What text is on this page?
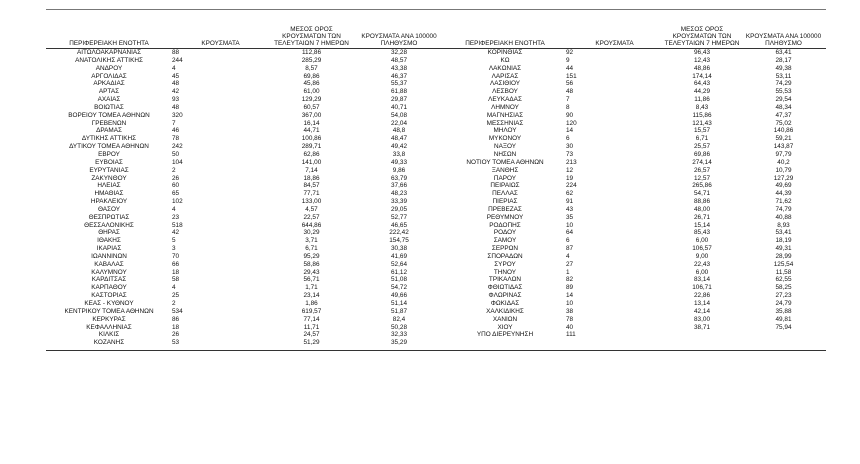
ΠΕΡΙΦΕΡΕΙΑΚΗ ΕΝΟΤΗΤΑ	ΚΡΟΥΣΜΑΤΑ	ΜΕΣΟΣ ΟΡΟΣ ΚΡΟΥΣΜΑΤΩΝ ΤΩΝ ΤΕΛΕΥΤΑΙΩΝ 7 ΗΜΕΡΩΝ	ΚΡΟΥΣΜΑΤΑ ΑΝΑ 100000 ΠΛΗΘΥΣΜΟ	ΠΕΡΙΦΕΡΕΙΑΚΗ ΕΝΟΤΗΤΑ	ΚΡΟΥΣΜΑΤΑ	ΜΕΣΟΣ ΟΡΟΣ ΚΡΟΥΣΜΑΤΩΝ ΤΩΝ ΤΕΛΕΥΤΑΙΩΝ 7 ΗΜΕΡΩΝ	ΚΡΟΥΣΜΑΤΑ ΑΝΑ 100000 ΠΛΗΘΥΣΜΟ
ΑΙΤΩΛΟΑΚΑΡΝΑΝΙΑΣ	88	112,86	32,28	ΚΟΡΙΝΘΙΑΣ	92	96,43	63,41
ΑΝΑΤΟΛΙΚΗΣ ΑΤΤΙΚΗΣ	244	285,29	48,57	ΚΩ	9	12,43	28,17
ΑΝΔΡΟΥ	4	8,57	43,38	ΛΑΚΩΝΙΑΣ	44	48,86	49,38
ΑΡΓΟΛΙΔΑΣ	45	69,86	46,37	ΛΑΡΙΣΑΣ	151	174,14	53,11
ΑΡΚΑΔΙΑΣ	48	45,86	55,37	ΛΑΣΙΘΙΟΥ	56	64,43	74,29
ΑΡΤΑΣ	42	61,00	61,88	ΛΕΣΒΟΥ	48	44,29	55,53
ΑΧΑΪΑΣ	93	129,29	29,87	ΛΕΥΚΑΔΑΣ	7	11,86	29,54
ΒΟΙΩΤΙΑΣ	48	60,57	40,71	ΛΗΜΝΟΥ	8	8,43	48,34
ΒΟΡΕΙΟΥ ΤΟΜΕΑ ΑΘΗΝΩΝ	320	367,00	54,08	ΜΑΓΝΗΣΙΑΣ	90	115,86	47,37
ΓΡΕΒΕΝΩΝ	7	16,14	22,04	ΜΕΣΣΗΝΙΑΣ	120	121,43	75,02
ΔΡΑΜΑΣ	46	44,71	48,8	ΜΗΛΟΥ	14	15,57	140,86
ΔΥΤΙΚΗΣ ΑΤΤΙΚΗΣ	78	100,86	48,47	ΜΥΚΟΝΟΥ	6	6,71	59,21
ΔΥΤΙΚΟΥ ΤΟΜΕΑ ΑΘΗΝΩΝ	242	289,71	49,42	ΝΑΞΟΥ	30	25,57	143,87
ΕΒΡΟΥ	50	62,86	33,8	ΝΗΣΩΝ	73	69,86	97,79
ΕΥΒΟΙΑΣ	104	141,00	49,33	ΝΟΤΙΟΥ ΤΟΜΕΑ ΑΘΗΝΩΝ	213	274,14	40,2
ΕΥΡΥΤΑΝΙΑΣ	2	7,14	9,86	ΞΑΝΘΗΣ	12	26,57	10,79
ΖΑΚΥΝΘΟΥ	26	18,86	63,79	ΠΑΡΟΥ	19	12,57	127,29
ΗΛΕΙΑΣ	60	84,57	37,66	ΠΕΙΡΑΙΩΣ	224	265,86	49,69
ΗΜΑΘΙΑΣ	65	77,71	48,23	ΠΕΛΛΑΣ	62	54,71	44,39
ΗΡΑΚΛΕΙΟΥ	102	133,00	33,39	ΠΙΕΡΙΑΣ	91	88,86	71,62
ΘΑΣΟΥ	4	4,57	29,05	ΠΡΕΒΕΖΑΣ	43	48,00	74,79
ΘΕΣΠΡΩΤΙΑΣ	23	22,57	52,77	ΡΕΘΥΜΝΟΥ	35	26,71	40,88
ΘΕΣΣΑΛΟΝΙΚΗΣ	518	644,86	46,65	ΡΟΔΟΠΗΣ	10	15,14	8,93
ΘΗΡΑΣ	42	30,29	222,42	ΡΟΔΟΥ	64	85,43	53,41
ΙΘΑΚΗΣ	5	3,71	154,75	ΣΑΜΟΥ	6	6,00	18,19
ΙΚΑΡΙΑΣ	3	6,71	30,38	ΣΕΡΡΩΝ	87	106,57	49,31
ΙΩΑΝΝΙΝΩΝ	70	95,29	41,69	ΣΠΟΡΑΔΩΝ	4	9,00	28,99
ΚΑΒΑΛΑΣ	66	58,86	52,64	ΣΥΡΟΥ	27	22,43	125,54
ΚΑΛΥΜΝΟΥ	18	29,43	61,12	ΤΗΝΟΥ	1	6,00	11,58
ΚΑΡΔΙΤΣΑΣ	58	56,71	51,08	ΤΡΙΚΑΛΩΝ	82	83,14	62,55
ΚΑΡΠΑΘΟΥ	4	1,71	54,72	ΦΘΙΩΤΙΔΑΣ	89	106,71	58,25
ΚΑΣΤΟΡΙΑΣ	25	23,14	49,66	ΦΛΩΡΙΝΑΣ	14	22,86	27,23
ΚΕΑΣ - ΚΥΘΝΟΥ	2	1,86	51,14	ΦΩΚΙΔΑΣ	10	13,14	24,79
ΚΕΝΤΡΙΚΟΥ ΤΟΜΕΑ ΑΘΗΝΩΝ	534	619,57	51,87	ΧΑΛΚΙΔΙΚΗΣ	38	42,14	35,88
ΚΕΡΚΥΡΑΣ	86	77,14	82,4	ΧΑΝΙΩΝ	78	83,00	49,81
ΚΕΦΑΛΛΗΝΙΑΣ	18	11,71	50,28	ΧΙΟΥ	40	38,71	75,94
ΚΙΛΚΙΣ	26	24,57	32,33	ΥΠΟ ΔΙΕΡΕΥΝΗΣΗ	111		
ΚΟΖΑΝΗΣ	53	51,29	35,29				
